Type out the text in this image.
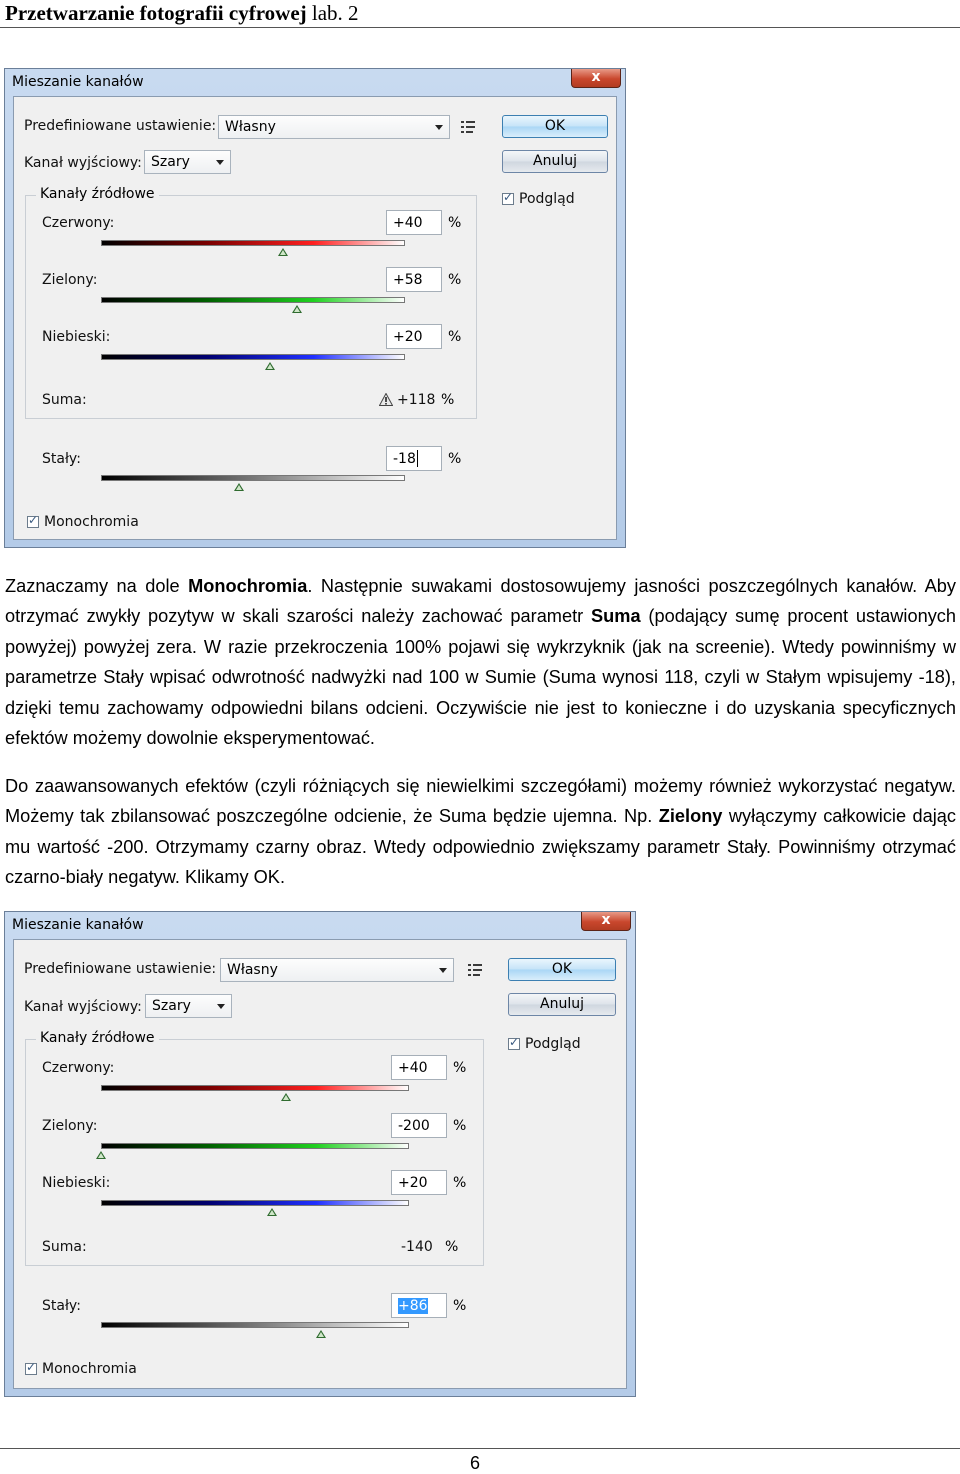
Przetwarzanie fotografii cyfrowej lab. 2
Mieszanie kanałów	x
Predefiniowane ustawienie: Własny	OK
Anuluj
Kanał wyjściowy: Szary
✓
Podgląd
Kanały źródłowe
Czerwony:	+40 %
Zielony:	+58 %
Niebieski:	+20 %
Suma:	+118 %
Stały:	-18 %
✓
Monochromia
Zaznaczamy na dole Monochromia. Następnie suwakami dostosowujemy jasności poszczególnych kanałów. Aby otrzymać zwykły pozytyw w skali szarości należy zachować parametr Suma (podający sumę procent ustawionych powyżej) powyżej zera. W razie przekroczenia 100% pojawi się wykrzyknik (jak na screenie). Wtedy powinniśmy w parametrze Stały wpisać odwrotność nadwyżki nad 100 w Sumie (Suma wynosi 118, czyli w Stałym wpisujemy -18), dzięki temu zachowamy odpowiedni bilans odcieni. Oczywiście nie jest to konieczne i do uzyskania specyficznych efektów możemy dowolnie eksperymentować.
Do zaawansowanych efektów (czyli różniących się niewielkimi szczegółami) możemy również wykorzystać negatyw. Możemy tak zbilansować poszczególne odcienie, że Suma będzie ujemna. Np. Zielony wyłączymy całkowicie dając mu wartość -200. Otrzymamy czarny obraz. Wtedy odpowiednio zwiększamy parametr Stały. Powinniśmy otrzymać czarno-biały negatyw. Klikamy OK.
Mieszanie kanałów	x
Predefiniowane ustawienie: Własny	OK
Anuluj
Kanał wyjściowy: Szary
✓
Podgląd
Kanały źródłowe
Czerwony:	+40 %
Zielony:	-200 %
Niebieski:	+20 %
Suma:	-140 %
Stały:	+86 %
✓
Monochromia
6
